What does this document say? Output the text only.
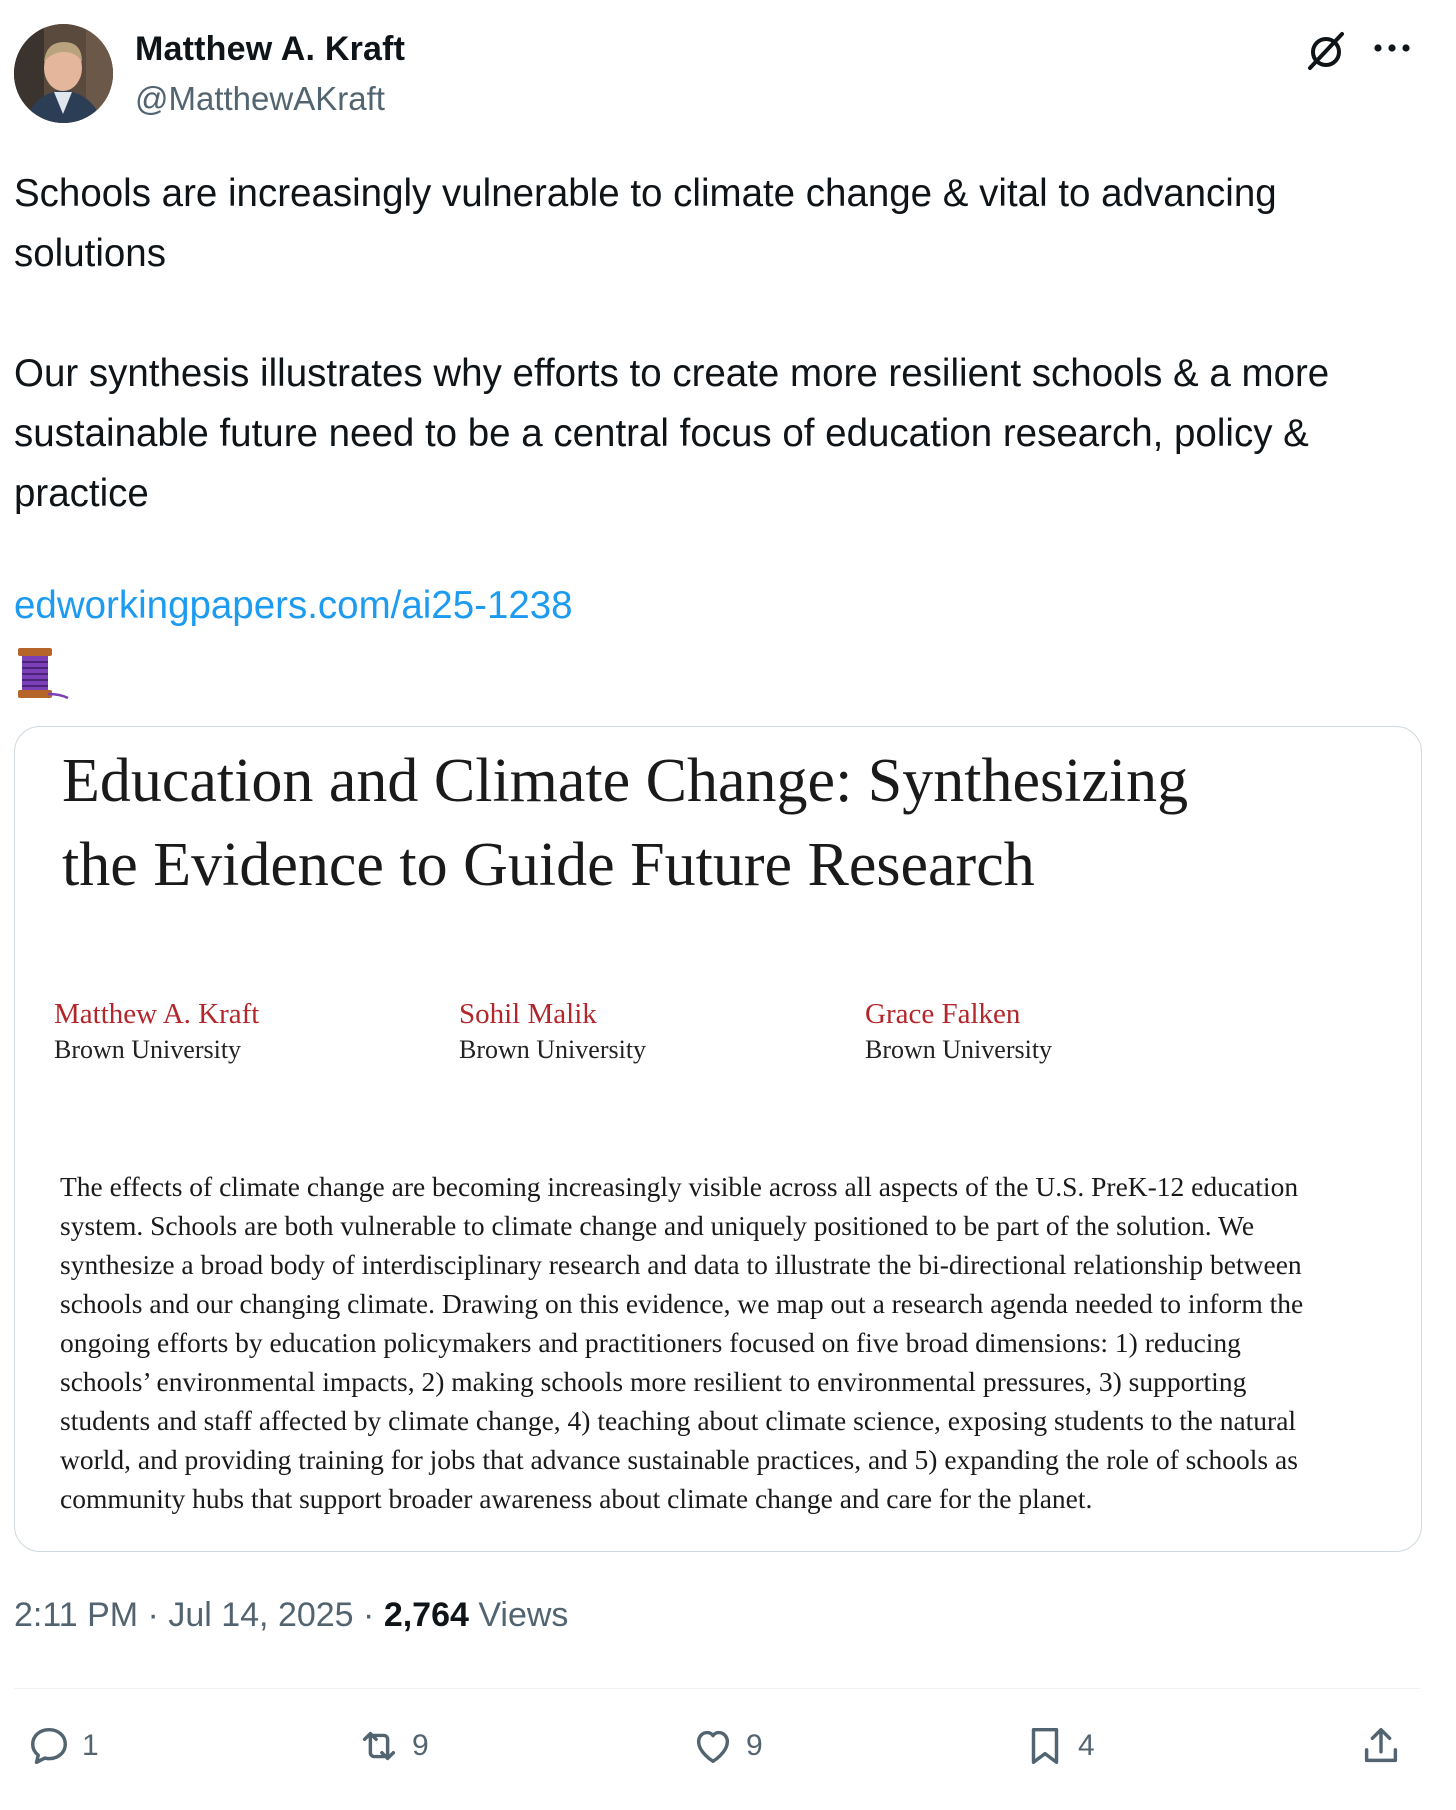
Matthew A. Kraft
@MatthewAKraft

Schools are increasingly vulnerable to climate change & vital to advancing solutions

Our synthesis illustrates why efforts to create more resilient schools & a more sustainable future need to be a central focus of education research, policy & practice

edworkingpapers.com/ai25-1238
Education and Climate Change: Synthesizing
the Evidence to Guide Future Research
Matthew A. Kraft
Brown University
Sohil Malik
Brown University
Grace Falken
Brown University
The effects of climate change are becoming increasingly visible across all aspects of the U.S. PreK-12 education
system. Schools are both vulnerable to climate change and uniquely positioned to be part of the solution. We
synthesize a broad body of interdisciplinary research and data to illustrate the bi-directional relationship between
schools and our changing climate. Drawing on this evidence, we map out a research agenda needed to inform the
ongoing efforts by education policymakers and practitioners focused on five broad dimensions: 1) reducing
schools’ environmental impacts, 2) making schools more resilient to environmental pressures, 3) supporting
students and staff affected by climate change, 4) teaching about climate science, exposing students to the natural
world, and providing training for jobs that advance sustainable practices, and 5) expanding the role of schools as
community hubs that support broader awareness about climate change and care for the planet.
2:11 PM · Jul 14, 2025 · 2,764 Views
1	9	9	4
